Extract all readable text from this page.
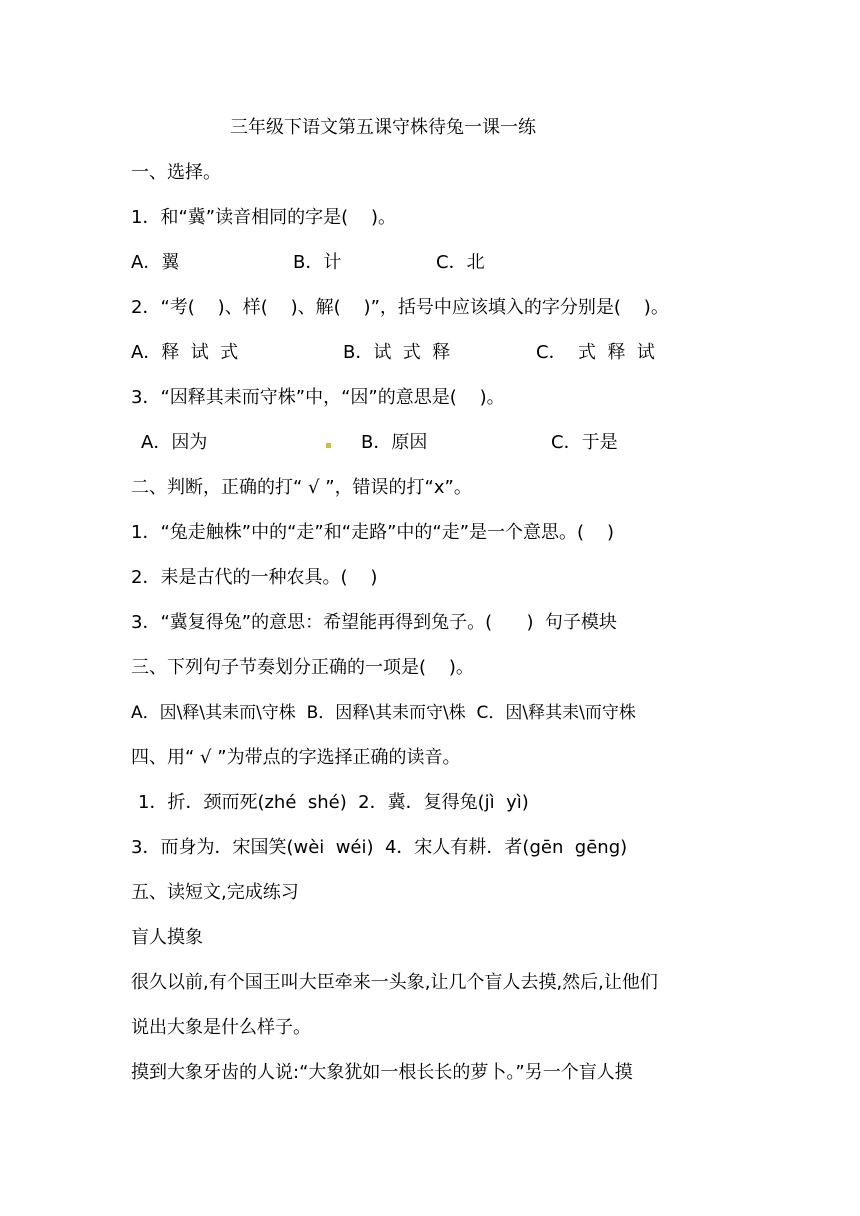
三年级下语文第五课守株待兔一课一练
一、选择。
1．和“冀”读音相同的字是(    )。

A．翼

	B．计

	C．北

2．“考(    )、样(    )、解(    )”，括号中应该填入的字分别是(    )。

A．释  试  式

	B．试  式  释

	C．  式  释  试

3．“因释其耒而守株”中，“因”的意思是(    )。

A．因为

	B．原因

	C．于是

二、判断，正确的打“ √ ”，错误的打“x”。
1．“兔走触株”中的“走”和“走路”中的“走”是一个意思。(    )
2．耒是古代的一种农具。(    )
3．“冀复得兔”的意思：希望能再得到兔子。(      )  句子模块
三、下列句子节奏划分正确的一项是(    )。
A．因\释\其耒而\守株  B．因释\其耒而守\株  C．因\释其耒\而守株
四、用“ √ ”为带点的字选择正确的读音。
1．折．颈而死(zhé  shé)  2．冀．复得兔(jì  yì)
3．而身为．宋国笑(wèi  wéi)  4．宋人有耕．者(gēn  gēng)
五、读短文,完成练习
盲人摸象
很久以前,有个国王叫大臣牵来一头象,让几个盲人去摸,然后,让他们
说出大象是什么样子。
摸到大象牙齿的人说:“大象犹如一根长长的萝卜。”另一个盲人摸
